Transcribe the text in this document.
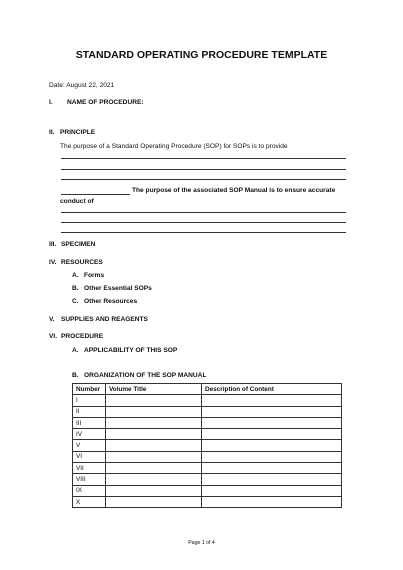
STANDARD OPERATING PROCEDURE TEMPLATE
Date: August 22, 2021
I. NAME OF PROCEDURE:
II. PRINCIPLE
The purpose of a Standard Operating Procedure (SOP) for SOPs is to provide
The purpose of the associated SOP Manual is to ensure accurate
conduct of
III. SPECIMEN
IV. RESOURCES
A. Forms
B. Other Essential SOPs
C. Other Resources
V. SUPPLIES AND REAGENTS
VI. PROCEDURE
A. APPLICABILITY OF THIS SOP
B. ORGANIZATION OF THE SOP MANUAL
Number	Volume Title	Description of Content
I		
II		
III		
IV		
V		
VI		
VII		
VIII		
IX		
X		
Page 1 of 4
